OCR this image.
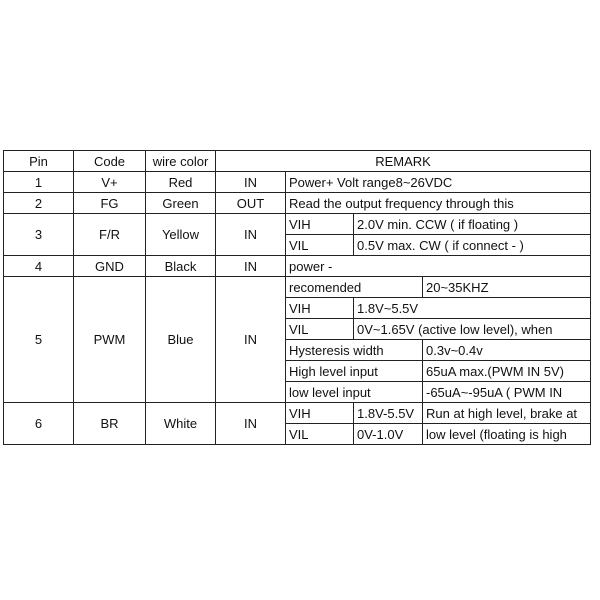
Pin	Code	wire color	REMARK			
1	V+	Red	IN	Power+ Volt range8~26VDC		
2	FG	Green	OUT	Read the output frequency through this		
3	F/R	Yellow	IN	VIH	2.0V min. CCW ( if floating )	
				VIL	0.5V max. CW ( if connect - )	
4	GND	Black	IN	power -		
5	PWM	Blue	IN	recomended		20~35KHZ
				VIH	1.8V~5.5V	
				VIL	0V~1.65V (active low level), when	
				Hysteresis width		0.3v~0.4v
				High level input		65uA max.(PWM IN 5V)
				low level input		-65uA~-95uA ( PWM IN
6	BR	White	IN	VIH	1.8V-5.5V	Run at high level, brake at
				VIL	0V-1.0V	low level (floating is high
